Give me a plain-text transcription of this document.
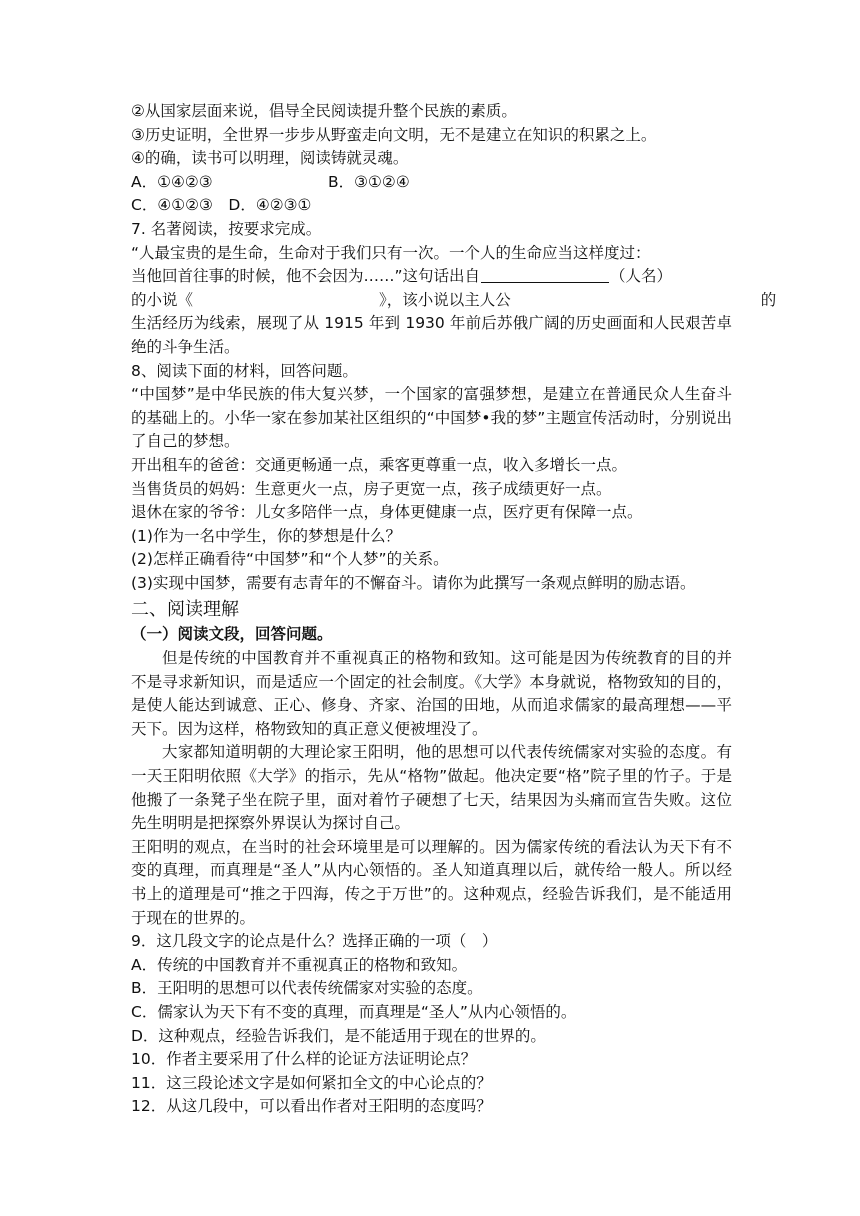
②从国家层面来说，倡导全民阅读提升整个民族的素质。

③历史证明，全世界一步步从野蛮走向文明，无不是建立在知识的积累之上。

④的确，读书可以明理，阅读铸就灵魂。

A．①④②③	B．③①②④

C．④①②③　D．④②③①

7. 名著阅读，按要求完成。

“人最宝贵的是生命，生命对于我们只有一次。一个人的生命应当这样度过：

当他回首往事的时候，他不会因为……”这句话出自	（人名）

的小说《	》，该小说以主人公	的

生活经历为线索，展现了从 1915 年到 1930 年前后苏俄广阔的历史画面和人民艰苦卓绝的斗争生活。

8、阅读下面的材料，回答问题。

“中国梦”是中华民族的伟大复兴梦，一个国家的富强梦想，是建立在普通民众人生奋斗的基础上的。小华一家在参加某社区组织的“中国梦•我的梦”主题宣传活动时，分别说出了自己的梦想。

开出租车的爸爸：交通更畅通一点，乘客更尊重一点，收入多增长一点。

当售货员的妈妈：生意更火一点，房子更宽一点，孩子成绩更好一点。

退休在家的爷爷：儿女多陪伴一点，身体更健康一点，医疗更有保障一点。

(1)作为一名中学生，你的梦想是什么？

(2)怎样正确看待“中国梦”和“个人梦”的关系。

(3)实现中国梦，需要有志青年的不懈奋斗。请你为此撰写一条观点鲜明的励志语。

二、阅读理解

（一）阅读文段，回答问题。

但是传统的中国教育并不重视真正的格物和致知。这可能是因为传统教育的目的并不是寻求新知识，而是适应一个固定的社会制度。《大学》本身就说，格物致知的目的，是使人能达到诚意、正心、修身、齐家、治国的田地，从而追求儒家的最高理想——平天下。因为这样，格物致知的真正意义便被埋没了。

大家都知道明朝的大理论家王阳明，他的思想可以代表传统儒家对实验的态度。有一天王阳明依照《大学》的指示，先从“格物”做起。他决定要“格”院子里的竹子。于是他搬了一条凳子坐在院子里，面对着竹子硬想了七天，结果因为头痛而宣告失败。这位先生明明是把探察外界误认为探讨自己。

王阳明的观点，在当时的社会环境里是可以理解的。因为儒家传统的看法认为天下有不变的真理，而真理是“圣人”从内心领悟的。圣人知道真理以后，就传给一般人。所以经书上的道理是可“推之于四海，传之于万世”的。这种观点，经验告诉我们，是不能适用于现在的世界的。

9．这几段文字的论点是什么？选择正确的一项（　）

A．传统的中国教育并不重视真正的格物和致知。

B．王阳明的思想可以代表传统儒家对实验的态度。

C．儒家认为天下有不变的真理，而真理是“圣人”从内心领悟的。

D．这种观点，经验告诉我们，是不能适用于现在的世界的。

10．作者主要采用了什么样的论证方法证明论点？

11．这三段论述文字是如何紧扣全文的中心论点的？

12．从这几段中，可以看出作者对王阳明的态度吗？
